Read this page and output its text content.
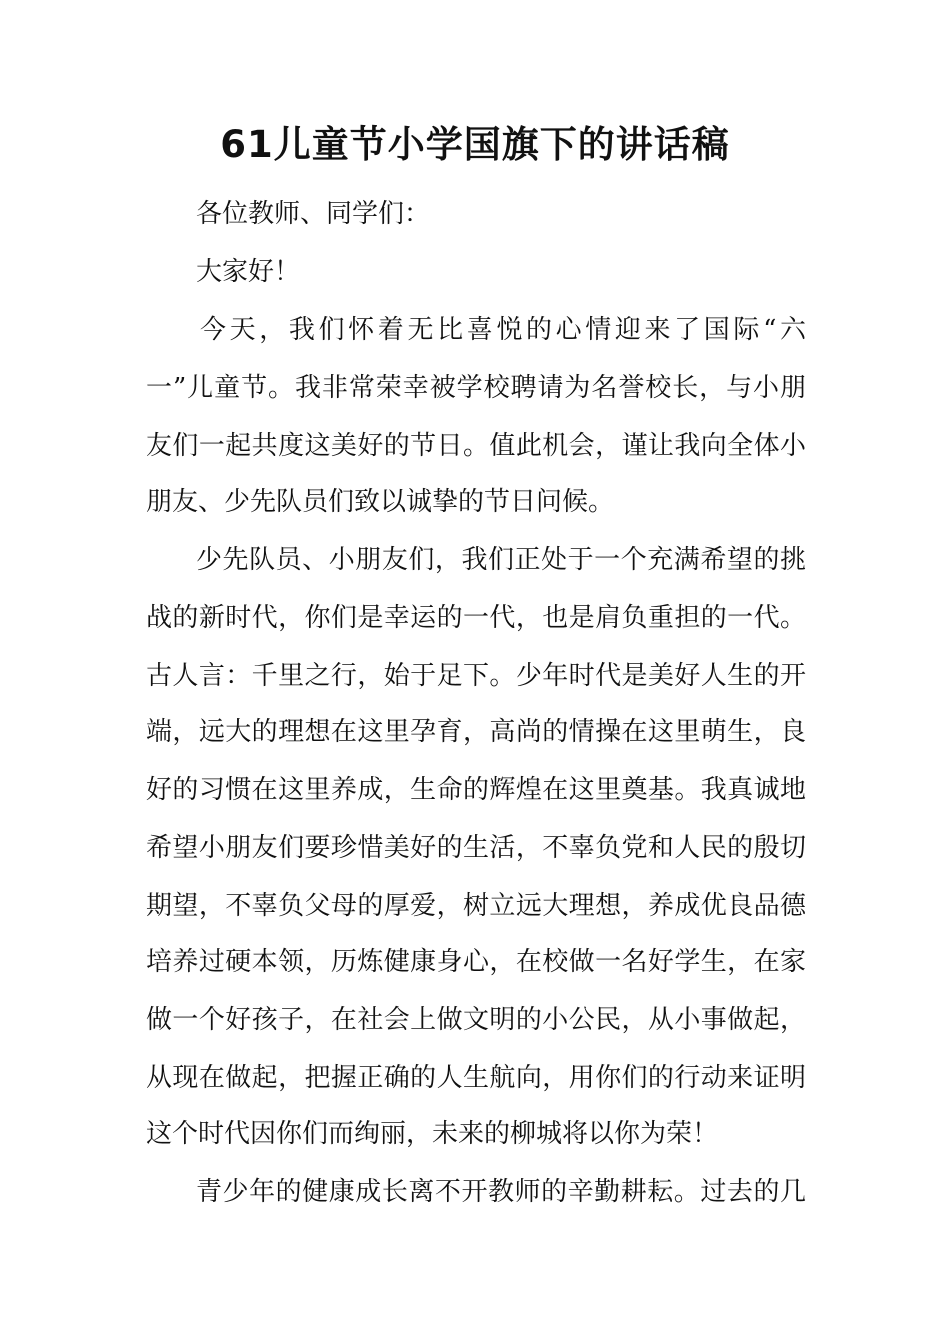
61儿童节小学国旗下的讲话稿
各位教师、同学们：
大家好！
今天，我们怀着无比喜悦的心情迎来了国际“六
一”儿童节。我非常荣幸被学校聘请为名誉校长，与小朋
友们一起共度这美好的节日。值此机会，谨让我向全体小
朋友、少先队员们致以诚挚的节日问候。
少先队员、小朋友们，我们正处于一个充满希望的挑
战的新时代，你们是幸运的一代，也是肩负重担的一代。
古人言：千里之行，始于足下。少年时代是美好人生的开
端，远大的理想在这里孕育，高尚的情操在这里萌生，良
好的习惯在这里养成，生命的辉煌在这里奠基。我真诚地
希望小朋友们要珍惜美好的生活，不辜负党和人民的殷切
期望，不辜负父母的厚爱，树立远大理想，养成优良品德
培养过硬本领，历炼健康身心，在校做一名好学生，在家
做一个好孩子，在社会上做文明的小公民，从小事做起，
从现在做起，把握正确的人生航向，用你们的行动来证明
这个时代因你们而绚丽，未来的柳城将以你为荣！
青少年的健康成长离不开教师的辛勤耕耘。过去的几
